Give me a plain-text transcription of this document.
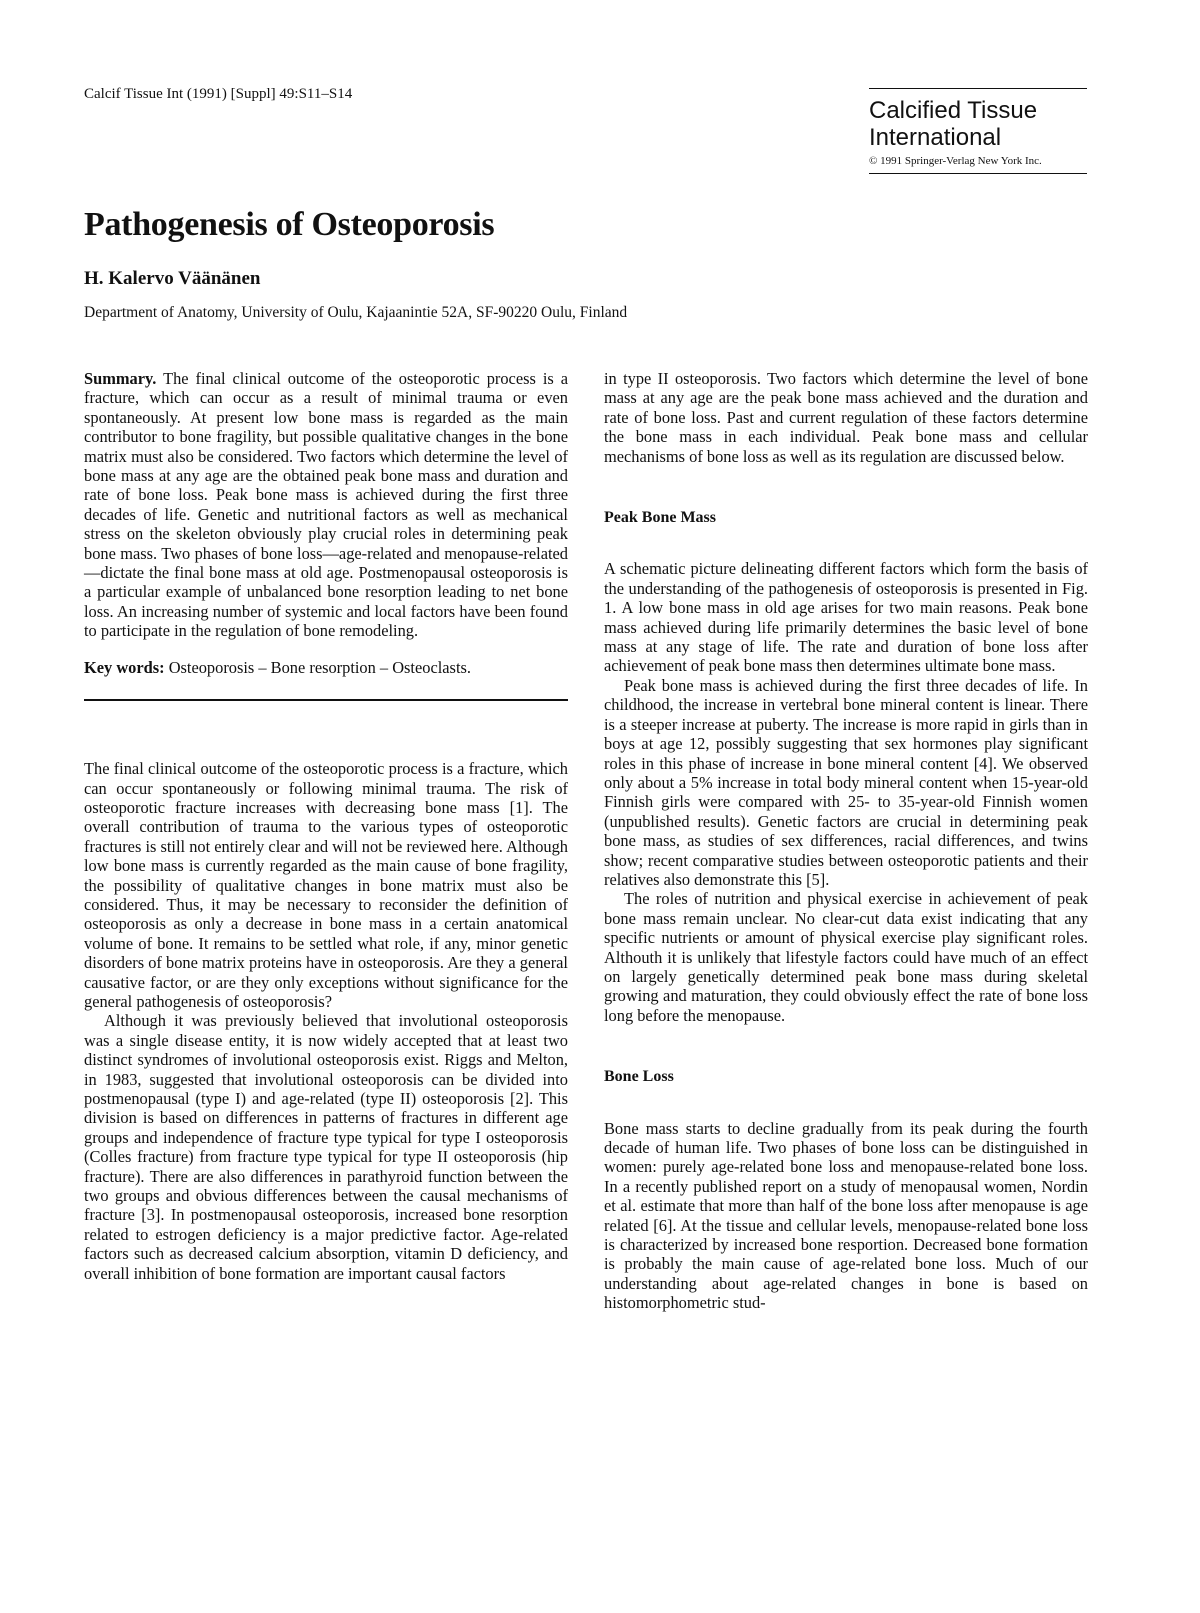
Calcif Tissue Int (1991) [Suppl] 49:S11–S14

Calcified Tissue

International

© 1991 Springer-Verlag New York Inc.
Pathogenesis of Osteoporosis
H. Kalervo Väänänen
Department of Anatomy, University of Oulu, Kajaanintie 52A, SF-90220 Oulu, Finland

Summary. The final clinical outcome of the osteoporotic process is a fracture, which can occur as a result of minimal trauma or even spontaneously. At present low bone mass is regarded as the main contributor to bone fragility, but possible qualitative changes in the bone matrix must also be considered. Two factors which determine the level of bone mass at any age are the obtained peak bone mass and duration and rate of bone loss. Peak bone mass is achieved during the first three decades of life. Genetic and nutritional factors as well as mechanical stress on the skeleton obviously play crucial roles in determining peak bone mass. Two phases of bone loss—age-related and menopause-related—dictate the final bone mass at old age. Postmenopausal osteoporosis is a particular example of unbalanced bone resorption leading to net bone loss. An increasing number of systemic and local factors have been found to participate in the regulation of bone remodeling.

Key words: Osteoporosis – Bone resorption – Osteoclasts.

The final clinical outcome of the osteoporotic process is a fracture, which can occur spontaneously or following minimal trauma. The risk of osteoporotic fracture increases with decreasing bone mass [1]. The overall contribution of trauma to the various types of osteoporotic fractures is still not entirely clear and will not be reviewed here. Although low bone mass is currently regarded as the main cause of bone fragility, the possibility of qualitative changes in bone matrix must also be considered. Thus, it may be necessary to reconsider the definition of osteoporosis as only a decrease in bone mass in a certain anatomical volume of bone. It remains to be settled what role, if any, minor genetic disorders of bone matrix proteins have in osteoporosis. Are they a general causative factor, or are they only exceptions without significance for the general pathogenesis of osteoporosis?

Although it was previously believed that involutional osteoporosis was a single disease entity, it is now widely accepted that at least two distinct syndromes of involutional osteoporosis exist. Riggs and Melton, in 1983, suggested that involutional osteoporosis can be divided into postmenopausal (type I) and age-related (type II) osteoporosis [2]. This division is based on differences in patterns of fractures in different age groups and independence of fracture type typical for type I osteoporosis (Colles fracture) from fracture type typical for type II osteoporosis (hip fracture). There are also differences in parathyroid function between the two groups and obvious differences between the causal mechanisms of fracture [3]. In postmenopausal osteoporosis, increased bone resorption related to estrogen deficiency is a major predictive factor. Age-related factors such as decreased calcium absorption, vitamin D deficiency, and overall inhibition of bone formation are important causal factors

in type II osteoporosis. Two factors which determine the level of bone mass at any age are the peak bone mass achieved and the duration and rate of bone loss. Past and current regulation of these factors determine the bone mass in each individual. Peak bone mass and cellular mechanisms of bone loss as well as its regulation are discussed below.

Peak Bone Mass

A schematic picture delineating different factors which form the basis of the understanding of the pathogenesis of osteoporosis is presented in Fig. 1. A low bone mass in old age arises for two main reasons. Peak bone mass achieved during life primarily determines the basic level of bone mass at any stage of life. The rate and duration of bone loss after achievement of peak bone mass then determines ultimate bone mass.

Peak bone mass is achieved during the first three decades of life. In childhood, the increase in vertebral bone mineral content is linear. There is a steeper increase at puberty. The increase is more rapid in girls than in boys at age 12, possibly suggesting that sex hormones play significant roles in this phase of increase in bone mineral content [4]. We observed only about a 5% increase in total body mineral content when 15-year-old Finnish girls were compared with 25- to 35-year-old Finnish women (unpublished results). Genetic factors are crucial in determining peak bone mass, as studies of sex differences, racial differences, and twins show; recent comparative studies between osteoporotic patients and their relatives also demonstrate this [5].

The roles of nutrition and physical exercise in achievement of peak bone mass remain unclear. No clear-cut data exist indicating that any specific nutrients or amount of physical exercise play significant roles. Althouth it is unlikely that lifestyle factors could have much of an effect on largely genetically determined peak bone mass during skeletal growing and maturation, they could obviously effect the rate of bone loss long before the menopause.

Bone Loss

Bone mass starts to decline gradually from its peak during the fourth decade of human life. Two phases of bone loss can be distinguished in women: purely age-related bone loss and menopause-related bone loss. In a recently published report on a study of menopausal women, Nordin et al. estimate that more than half of the bone loss after menopause is age related [6]. At the tissue and cellular levels, menopause-related bone loss is characterized by increased bone resportion. Decreased bone formation is probably the main cause of age-related bone loss. Much of our understanding about age-related changes in bone is based on histomorphometric stud-
